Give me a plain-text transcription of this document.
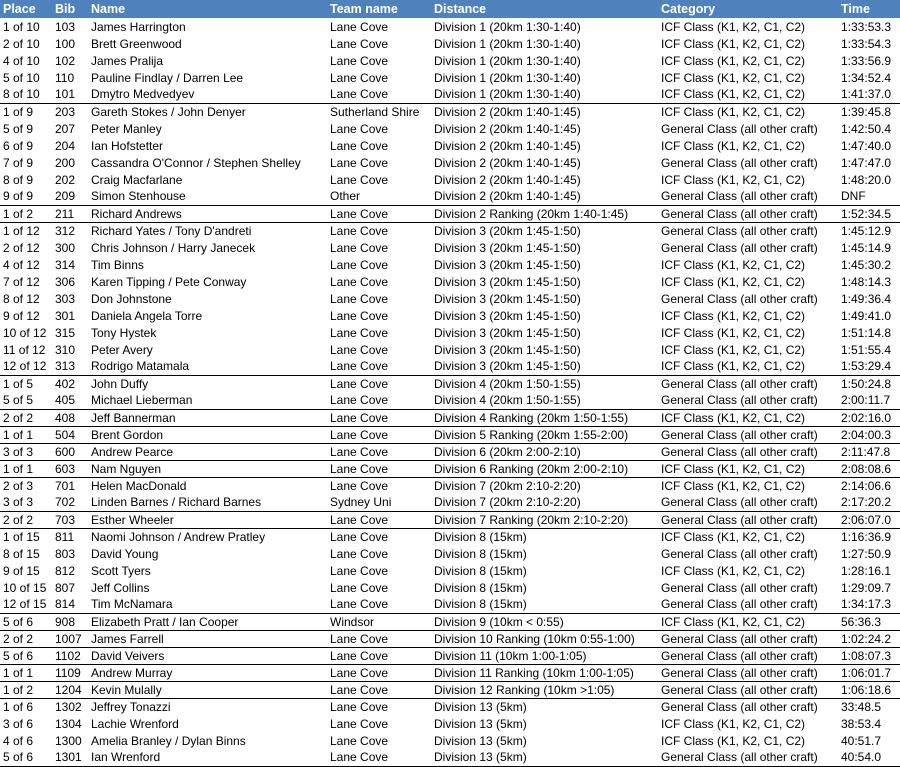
Place	Bib	Name	Team name	Distance	Category	Time
1 of 10	103	James Harrington	Lane Cove	Division 1 (20km 1:30-1:40)	ICF Class (K1, K2, C1, C2)	1:33:53.3
2 of 10	100	Brett Greenwood	Lane Cove	Division 1 (20km 1:30-1:40)	ICF Class (K1, K2, C1, C2)	1:33:54.3
4 of 10	102	James Pralija	Lane Cove	Division 1 (20km 1:30-1:40)	ICF Class (K1, K2, C1, C2)	1:33:56.9
5 of 10	110	Pauline Findlay / Darren Lee	Lane Cove	Division 1 (20km 1:30-1:40)	ICF Class (K1, K2, C1, C2)	1:34:52.4
8 of 10	101	Dmytro Medvedyev	Lane Cove	Division 1 (20km 1:30-1:40)	ICF Class (K1, K2, C1, C2)	1:41:37.0
1 of 9	203	Gareth Stokes / John Denyer	Sutherland Shire	Division 2 (20km 1:40-1:45)	ICF Class (K1, K2, C1, C2)	1:39:45.8
5 of 9	207	Peter Manley	Lane Cove	Division 2 (20km 1:40-1:45)	General Class (all other craft)	1:42:50.4
6 of 9	204	Ian Hofstetter	Lane Cove	Division 2 (20km 1:40-1:45)	ICF Class (K1, K2, C1, C2)	1:47:40.0
7 of 9	200	Cassandra O'Connor / Stephen Shelley	Lane Cove	Division 2 (20km 1:40-1:45)	General Class (all other craft)	1:47:47.0
8 of 9	202	Craig Macfarlane	Lane Cove	Division 2 (20km 1:40-1:45)	ICF Class (K1, K2, C1, C2)	1:48:20.0
9 of 9	209	Simon Stenhouse	Other	Division 2 (20km 1:40-1:45)	General Class (all other craft)	DNF
1 of 2	211	Richard Andrews	Lane Cove	Division 2 Ranking (20km 1:40-1:45)	General Class (all other craft)	1:52:34.5
1 of 12	312	Richard Yates / Tony D'andreti	Lane Cove	Division 3 (20km 1:45-1:50)	General Class (all other craft)	1:45:12.9
2 of 12	300	Chris Johnson / Harry Janecek	Lane Cove	Division 3 (20km 1:45-1:50)	General Class (all other craft)	1:45:14.9
4 of 12	314	Tim Binns	Lane Cove	Division 3 (20km 1:45-1:50)	ICF Class (K1, K2, C1, C2)	1:45:30.2
7 of 12	306	Karen Tipping / Pete Conway	Lane Cove	Division 3 (20km 1:45-1:50)	ICF Class (K1, K2, C1, C2)	1:48:14.3
8 of 12	303	Don Johnstone	Lane Cove	Division 3 (20km 1:45-1:50)	General Class (all other craft)	1:49:36.4
9 of 12	301	Daniela Angela Torre	Lane Cove	Division 3 (20km 1:45-1:50)	ICF Class (K1, K2, C1, C2)	1:49:41.0
10 of 12	315	Tony Hystek	Lane Cove	Division 3 (20km 1:45-1:50)	ICF Class (K1, K2, C1, C2)	1:51:14.8
11 of 12	310	Peter Avery	Lane Cove	Division 3 (20km 1:45-1:50)	ICF Class (K1, K2, C1, C2)	1:51:55.4
12 of 12	313	Rodrigo Matamala	Lane Cove	Division 3 (20km 1:45-1:50)	ICF Class (K1, K2, C1, C2)	1:53:29.4
1 of 5	402	John Duffy	Lane Cove	Division 4 (20km 1:50-1:55)	General Class (all other craft)	1:50:24.8
5 of 5	405	Michael Lieberman	Lane Cove	Division 4 (20km 1:50-1:55)	General Class (all other craft)	2:00:11.7
2 of 2	408	Jeff Bannerman	Lane Cove	Division 4 Ranking (20km 1:50-1:55)	ICF Class (K1, K2, C1, C2)	2:02:16.0
1 of 1	504	Brent Gordon	Lane Cove	Division 5 Ranking (20km 1:55-2:00)	General Class (all other craft)	2:04:00.3
3 of 3	600	Andrew Pearce	Lane Cove	Division 6 (20km 2:00-2:10)	General Class (all other craft)	2:11:47.8
1 of 1	603	Nam Nguyen	Lane Cove	Division 6 Ranking (20km 2:00-2:10)	ICF Class (K1, K2, C1, C2)	2:08:08.6
2 of 3	701	Helen MacDonald	Lane Cove	Division 7 (20km 2:10-2:20)	ICF Class (K1, K2, C1, C2)	2:14:06.6
3 of 3	702	Linden Barnes / Richard Barnes	Sydney Uni	Division 7 (20km 2:10-2:20)	General Class (all other craft)	2:17:20.2
2 of 2	703	Esther Wheeler	Lane Cove	Division 7 Ranking (20km 2:10-2:20)	General Class (all other craft)	2:06:07.0
1 of 15	811	Naomi Johnson / Andrew Pratley	Lane Cove	Division 8 (15km)	ICF Class (K1, K2, C1, C2)	1:16:36.9
8 of 15	803	David Young	Lane Cove	Division 8 (15km)	General Class (all other craft)	1:27:50.9
9 of 15	812	Scott Tyers	Lane Cove	Division 8 (15km)	ICF Class (K1, K2, C1, C2)	1:28:16.1
10 of 15	807	Jeff Collins	Lane Cove	Division 8 (15km)	General Class (all other craft)	1:29:09.7
12 of 15	814	Tim McNamara	Lane Cove	Division 8 (15km)	General Class (all other craft)	1:34:17.3
5 of 6	908	Elizabeth Pratt / Ian Cooper	Windsor	Division 9 (10km < 0:55)	ICF Class (K1, K2, C1, C2)	56:36.3
2 of 2	1007	James Farrell	Lane Cove	Division 10 Ranking (10km 0:55-1:00)	General Class (all other craft)	1:02:24.2
5 of 6	1102	David Veivers	Lane Cove	Division 11 (10km 1:00-1:05)	General Class (all other craft)	1:08:07.3
1 of 1	1109	Andrew Murray	Lane Cove	Division 11 Ranking (10km 1:00-1:05)	General Class (all other craft)	1:06:01.7
1 of 2	1204	Kevin Mulally	Lane Cove	Division 12 Ranking (10km >1:05)	General Class (all other craft)	1:06:18.6
1 of 6	1302	Jeffrey Tonazzi	Lane Cove	Division 13 (5km)	General Class (all other craft)	33:48.5
3 of 6	1304	Lachie Wrenford	Lane Cove	Division 13 (5km)	ICF Class (K1, K2, C1, C2)	38:53.4
4 of 6	1300	Amelia Branley / Dylan Binns	Lane Cove	Division 13 (5km)	ICF Class (K1, K2, C1, C2)	40:51.7
5 of 6	1301	Ian Wrenford	Lane Cove	Division 13 (5km)	General Class (all other craft)	40:54.0
